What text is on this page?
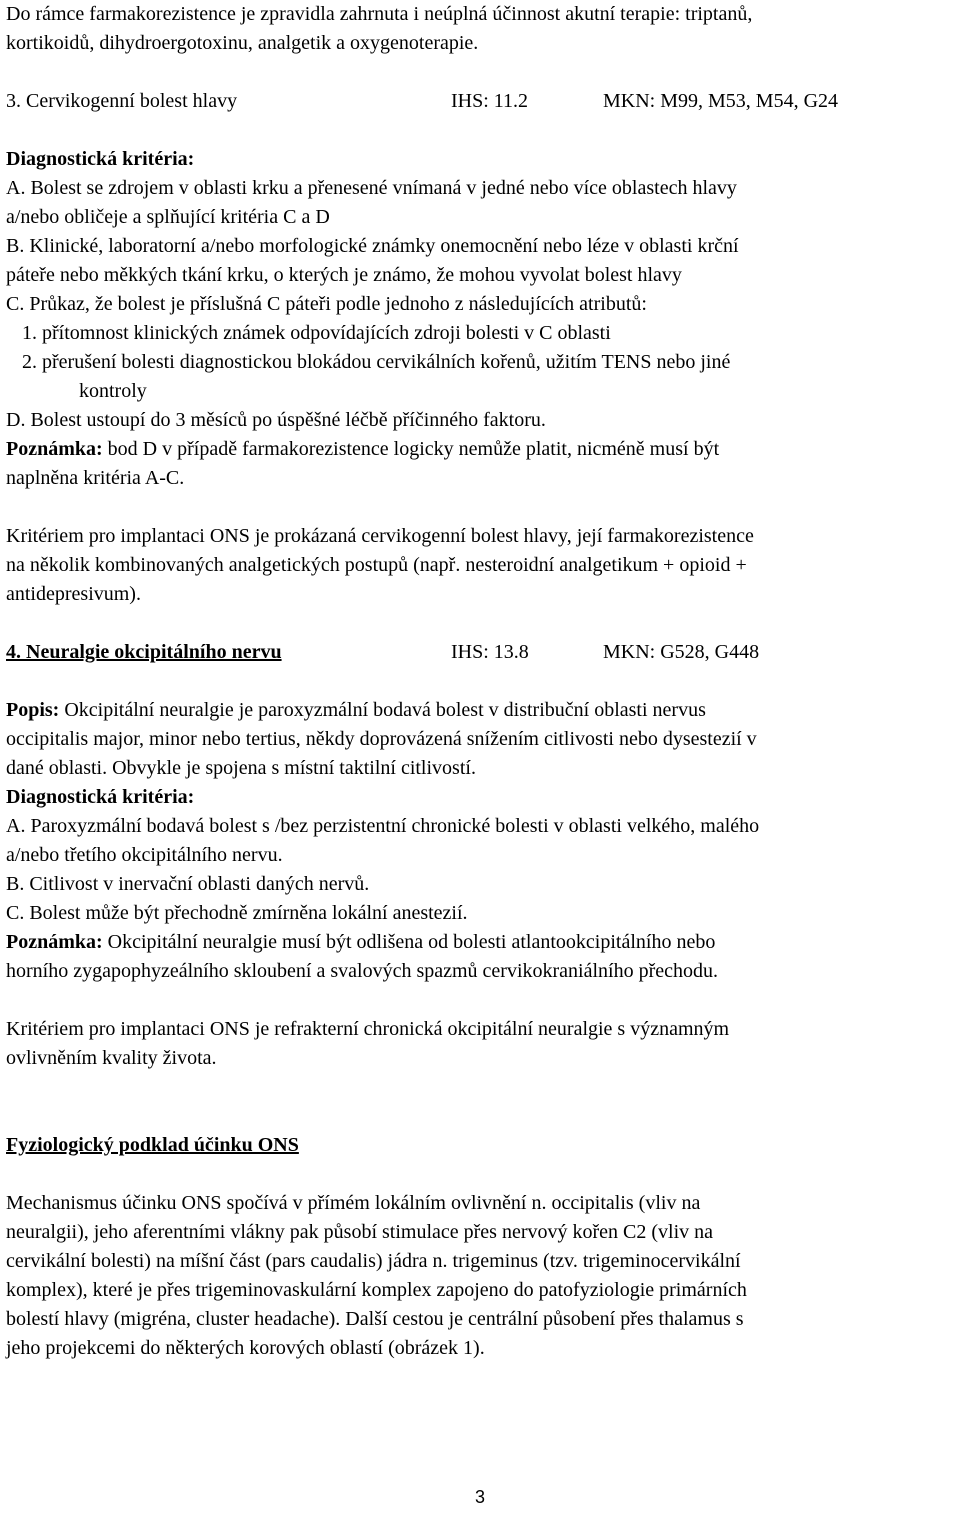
Do rámce farmakorezistence je zpravidla zahrnuta i neúplná účinnost akutní terapie: triptanů,

kortikoidů, dihydroergotoxinu, analgetik a oxygenoterapie.

3. Cervikogenní bolest hlavy	IHS: 11.2	MKN: M99, M53, M54, G24

Diagnostická kritéria:

A. Bolest se zdrojem v oblasti krku a přenesené vnímaná v jedné nebo více oblastech hlavy

a/nebo obličeje a splňující kritéria C a D

B. Klinické, laboratorní a/nebo morfologické známky onemocnění nebo léze v oblasti krční

páteře nebo měkkých tkání krku, o kterých je známo, že mohou vyvolat bolest hlavy

C. Průkaz, že bolest je příslušná C páteři podle jednoho z následujících atributů:

1. přítomnost klinických známek odpovídajících zdroji bolesti v C oblasti

2. přerušení bolesti diagnostickou blokádou cervikálních kořenů, užitím TENS nebo jiné

kontroly

D. Bolest ustoupí do 3 měsíců po úspěšné léčbě příčinného faktoru.

Poznámka: bod D v případě farmakorezistence logicky nemůže platit, nicméně musí být

naplněna kritéria A-C.

Kritériem pro implantaci ONS je prokázaná cervikogenní bolest hlavy, její farmakorezistence

na několik kombinovaných analgetických postupů (např. nesteroidní analgetikum + opioid +

antidepresivum).

4. Neuralgie okcipitálního nervu	IHS: 13.8	MKN: G528, G448

Popis: Okcipitální neuralgie je paroxyzmální bodavá bolest v distribuční oblasti nervus

occipitalis major, minor nebo tertius, někdy doprovázená snížením citlivosti nebo dysestezií v

dané oblasti. Obvykle je spojena s místní taktilní citlivostí.

Diagnostická kritéria:

A. Paroxyzmální bodavá bolest s /bez perzistentní chronické bolesti v oblasti velkého, malého

a/nebo třetího okcipitálního nervu.

B. Citlivost v inervační oblasti daných nervů.

C. Bolest může být přechodně zmírněna lokální anestezií.

Poznámka: Okcipitální neuralgie musí být odlišena od bolesti atlantookcipitálního nebo

horního zygapophyzeálního skloubení a svalových spazmů cervikokraniálního přechodu.

Kritériem pro implantaci ONS je refrakterní chronická okcipitální neuralgie s významným

ovlivněním kvality života.

Fyziologický podklad účinku ONS

Mechanismus účinku ONS spočívá v přímém lokálním ovlivnění n. occipitalis (vliv na

neuralgii), jeho aferentními vlákny pak působí stimulace přes nervový kořen C2 (vliv na

cervikální bolesti) na míšní část (pars caudalis) jádra n. trigeminus (tzv. trigeminocervikální

komplex), které je přes trigeminovaskulární komplex zapojeno do patofyziologie primárních

bolestí hlavy (migréna, cluster headache). Další cestou je centrální působení přes thalamus s

jeho projekcemi do některých korových oblastí (obrázek 1).

3
